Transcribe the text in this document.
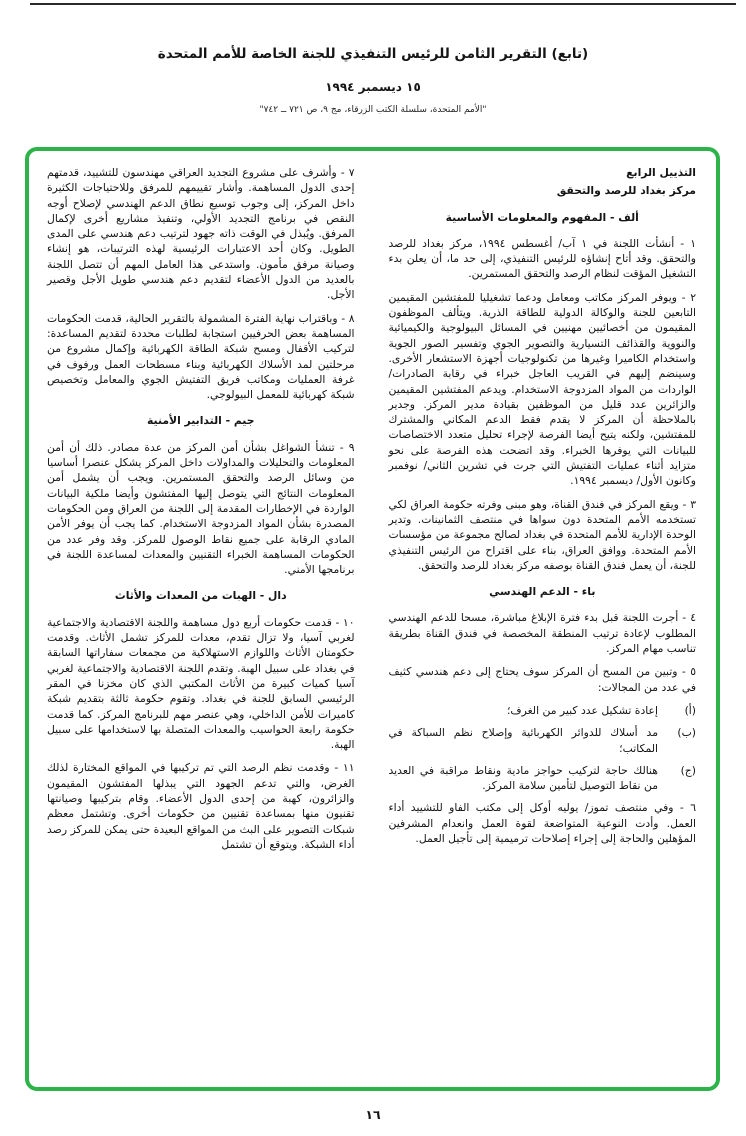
(تابع) التقرير الثامن للرئيس التنفيذي للجنة الخاصة للأمم المتحدة
١٥ ديسمبر ١٩٩٤
"الأمم المتحدة، سلسلة الكتب الزرقاء، مج ٩، ص ٧٢١ ــ ٧٤٢"
التذييل الرابع
مركز بغداد للرصد والتحقق
ألف - المفهوم والمعلومات الأساسية
١ - أنشأت اللجنة في ١ آب/ أغسطس ١٩٩٤، مركز بغداد للرصد والتحقق. وقد أتاح إنشاؤه للرئيس التنفيذي، إلى حد ما، أن يعلن بدء التشغيل المؤقت لنظام الرصد والتحقق المستمرين.
٢ - ويوفر المركز مكاتب ومعامل ودعما تشغيليا للمفتشين المقيمين التابعين للجنة والوكالة الدولية للطاقة الذرية. ويتألف الموظفون المقيمون من أخصائيين مهنيين في المسائل البيولوجية والكيميائية والنووية والقذائف التسيارية والتصوير الجوي وتفسير الصور الجوية واستخدام الكاميرا وغيرها من تكنولوجيات أجهزة الاستشعار الأخرى. وسينضم إليهم في القريب العاجل خبراء في رقابة الصادرات/ الواردات من المواد المزدوجة الاستخدام. ويدعم المفتشين المقيمين والزائرين عدد قليل من الموظفين بقيادة مدير المركز. وجدير بالملاحظة أن المركز لا يقدم فقط الدعم المكاني والمشترك للمفتشين، ولكنه يتيح أيضا الفرصة لإجراء تحليل متعدد الاختصاصات للبيانات التي يوفرها الخبراء. وقد اتضحت هذه الفرصة على نحو متزايد أثناء عمليات التفتيش التي جرت في تشرين الثاني/ نوفمبر وكانون الأول/ ديسمبر ١٩٩٤.
٣ - ويقع المركز في فندق القناة، وهو مبنى وفرته حكومة العراق لكي تستخدمه الأمم المتحدة دون سواها في منتصف الثمانينات. وتدير الوحدة الإدارية للأمم المتحدة في بغداد لصالح مجموعة من مؤسسات الأمم المتحدة. ووافق العراق، بناء على اقتراح من الرئيس التنفيذي للجنة، أن يعمل فندق القناة بوصفه مركز بغداد للرصد والتحقق.
باء - الدعم الهندسي
٤ - أجرت اللجنة قبل بدء فترة الإبلاغ مباشرة، مسحا للدعم الهندسي المطلوب لإعادة ترتيب المنطقة المخصصة في فندق القناة بطريقة تناسب مهام المركز.
٥ - وتبين من المسح أن المركز سوف يحتاج إلى دعم هندسي كثيف في عدد من المجالات:
(أ)
إعادة تشكيل عدد كبير من الغرف؛
(ب)
مد أسلاك للدوائر الكهربائية وإصلاح نظم السباكة في المكاتب؛
(ج)
هنالك حاجة لتركيب حواجز مادية ونقاط مراقبة في العديد من نقاط التوصيل لتأمين سلامة المركز.
٦ - وفي منتصف تموز/ يوليه أوكل إلى مكتب الفاو للتشييد أداء العمل. وأدت النوعية المتواضعة لقوة العمل وانعدام المشرفين المؤهلين والحاجة إلى إجراء إصلاحات ترميمية إلى تأجيل العمل.
٧ - وأشرف على مشروع التجديد العراقي مهندسون للتشييد، قدمتهم إحدى الدول المساهمة. وأشار تقييمهم للمرفق وللاحتياجات الكثيرة داخل المركز، إلى وجوب توسيع نطاق الدعم الهندسي لإصلاح أوجه النقص في برنامج التجديد الأولي، وتنفيذ مشاريع أخرى لإكمال المرفق. ويُبذل في الوقت ذاته جهود لترتيب دعم هندسي على المدى الطويل. وكان أحد الاعتبارات الرئيسية لهذه الترتيبات، هو إنشاء وصيانة مرفق مأمون. واستدعى هذا العامل المهم أن تتصل اللجنة بالعديد من الدول الأعضاء لتقديم دعم هندسي طويل الأجل وقصير الأجل.
٨ - وباقتراب نهاية الفترة المشمولة بالتقرير الحالية، قدمت الحكومات المساهمة بعض الحرفيين استجابة لطلبات محددة لتقديم المساعدة: لتركيب الأقفال ومسح شبكة الطاقة الكهربائية وإكمال مشروع من مرحلتين لمد الأسلاك الكهربائية وبناء مسطحات العمل ورفوف في غرفة العمليات ومكاتب فريق التفتيش الجوي والمعامل وتخصيص شبكة كهربائية للمعمل البيولوجي.
جيم - التدابير الأمنية
٩ - تنشأ الشواغل بشأن أمن المركز من عدة مصادر. ذلك أن أمن المعلومات والتحليلات والمداولات داخل المركز يشكل عنصرا أساسيا من وسائل الرصد والتحقق المستمرين. ويجب أن يشمل أمن المعلومات النتائج التي يتوصل إليها المفتشون وأيضا ملكية البيانات الواردة في الإخطارات المقدمة إلى اللجنة من العراق ومن الحكومات المصدرة بشأن المواد المزدوجة الاستخدام. كما يجب أن يوفر الأمن المادي الرقابة على جميع نقاط الوصول للمركز. وقد وفر عدد من الحكومات المساهمة الخبراء التقنيين والمعدات لمساعدة اللجنة في برنامجها الأمني.
دال - الهبات من المعدات والأثاث
١٠ - قدمت حكومات أربع دول مساهمة واللجنة الاقتصادية والاجتماعية لغربي آسيا، ولا تزال تقدم، معدات للمركز تشمل الأثاث. وقدمت حكومتان الأثاث واللوازم الاستهلاكية من مجمعات سفاراتها السابقة في بغداد على سبيل الهبة. وتقدم اللجنة الاقتصادية والاجتماعية لغربي آسيا كميات كبيرة من الأثاث المكتبي الذي كان مخزنا في المقر الرئيسي السابق للجنة في بغداد. وتقوم حكومة ثالثة بتقديم شبكة كاميرات للأمن الداخلي، وهي عنصر مهم للبرنامج المركز. كما قدمت حكومة رابعة الحواسيب والمعدات المتصلة بها لاستخدامها على سبيل الهبة.
١١ - وقدمت نظم الرصد التي تم تركيبها في المواقع المختارة لذلك الغرض، والتي تدعم الجهود التي يبذلها المفتشون المقيمون والزائرون، كهبة من إحدى الدول الأعضاء. وقام بتركيبها وصيانتها تقنيون منها بمساعدة تقنيين من حكومات أخرى. وتشتمل معظم شبكات التصوير على البث من المواقع البعيدة حتى يمكن للمركز رصد أداء الشبكة. ويتوقع أن تشتمل
١٦
